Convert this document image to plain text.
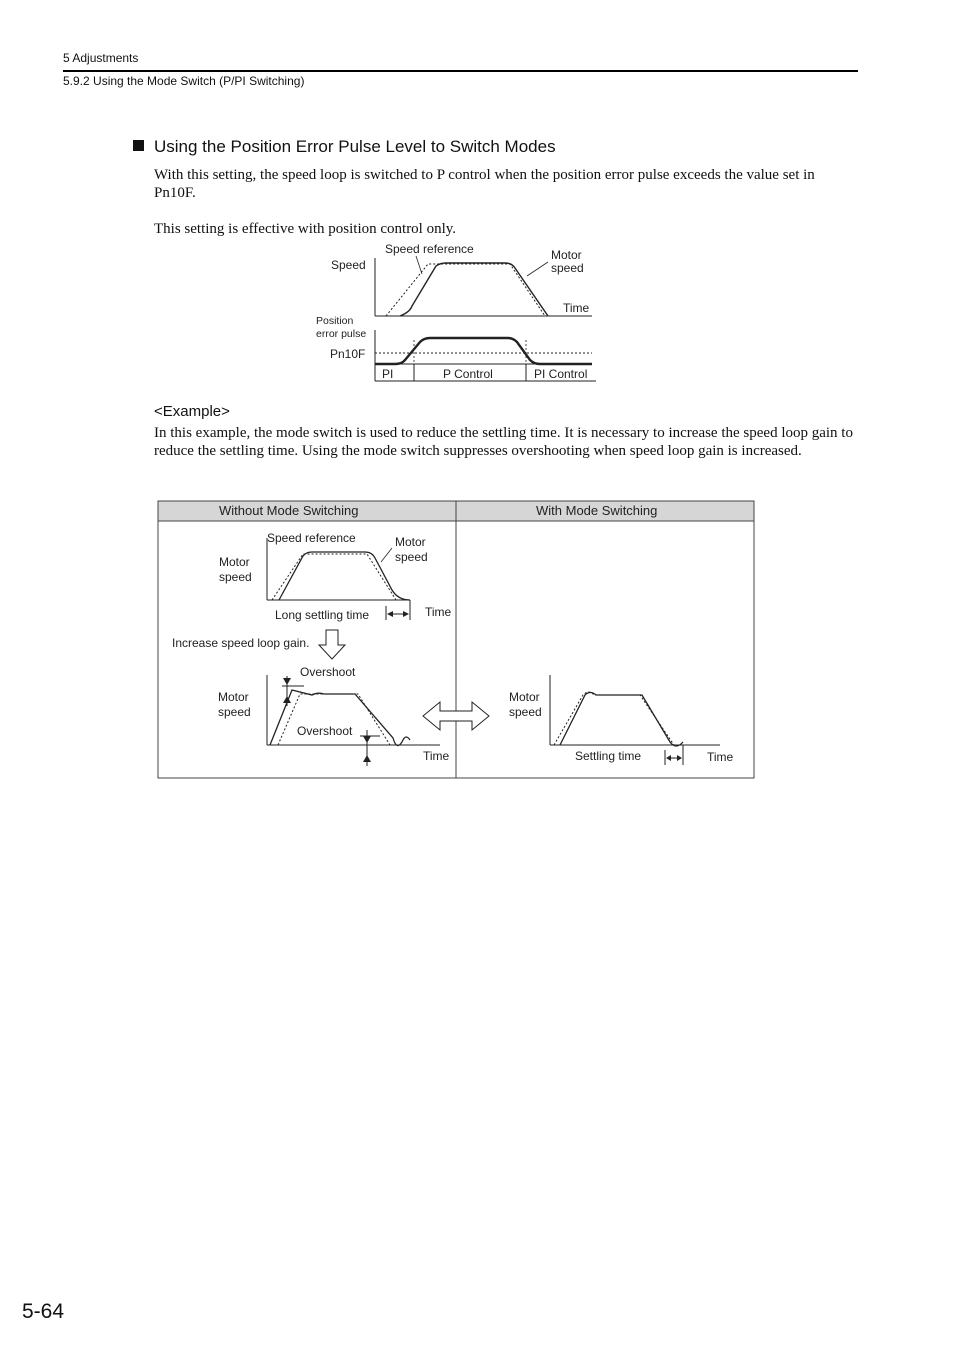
5 Adjustments
5.9.2 Using the Mode Switch (P/PI Switching)
Using the Position Error Pulse Level to Switch Modes
With this setting, the speed loop is switched to P control when the position error pulse exceeds the value set in Pn10F.
This setting is effective with position control only.
Speed
Speed reference	Motor
speed
Time
Position
error pulse
Pn10F
PI	P Control	PI Control
<Example>
In this example, the mode switch is used to reduce the settling time. It is necessary to increase the speed loop gain to reduce the settling time. Using the mode switch suppresses overshooting when speed loop gain is increased.
Without Mode Switching	With Mode Switching
Speed reference	Motor
speed
Motor
speed
Long settling time	Time
Increase speed loop gain.
Overshoot
Overshoot
Motor
speed
Time
Motor
speed
Settling time	Time
5-64
